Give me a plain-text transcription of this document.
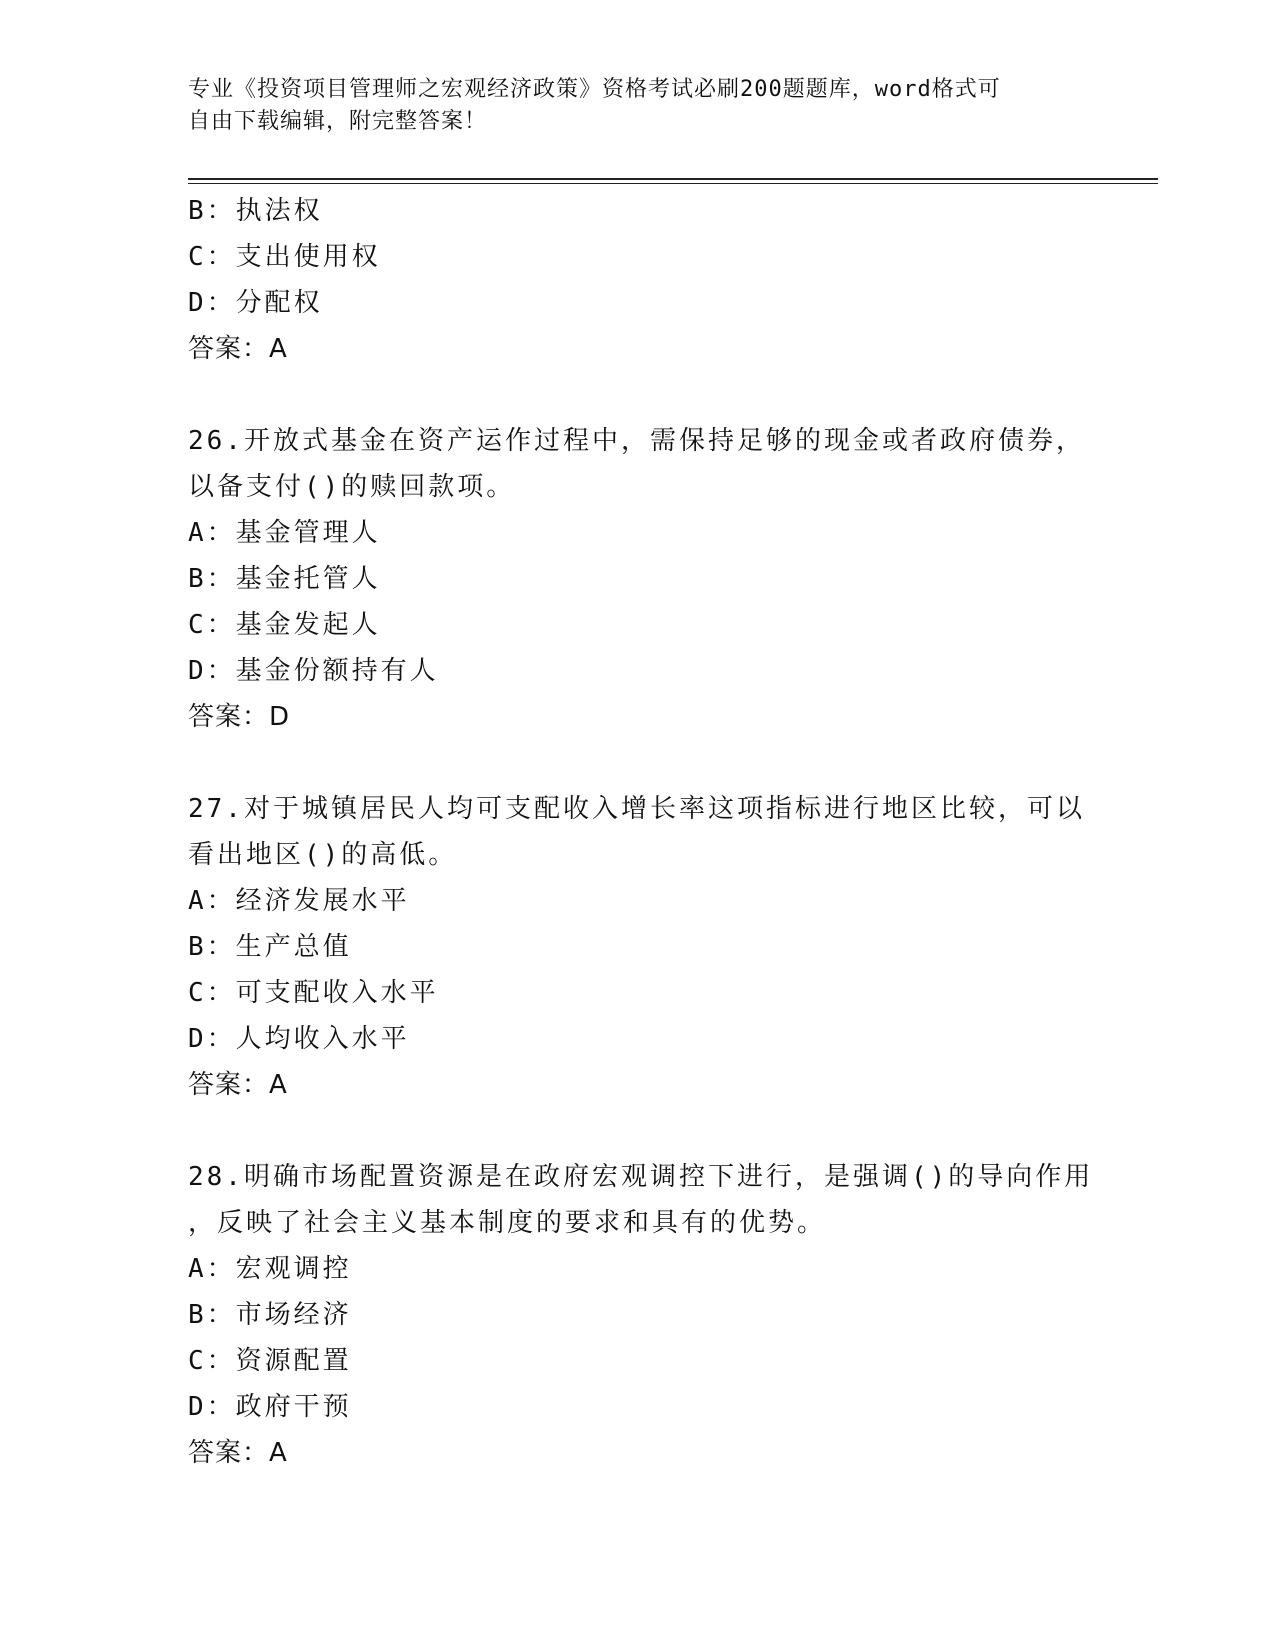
专业《投资项目管理师之宏观经济政策》资格考试必刷200题题库，word格式可
自由下载编辑，附完整答案！
B：执法权
C：支出使用权
D：分配权
答案：A
26.开放式基金在资产运作过程中，需保持足够的现金或者政府债券，
以备支付()的赎回款项。
A：基金管理人
B：基金托管人
C：基金发起人
D：基金份额持有人
答案：D
27.对于城镇居民人均可支配收入增长率这项指标进行地区比较，可以
看出地区()的高低。
A：经济发展水平
B：生产总值
C：可支配收入水平
D：人均收入水平
答案：A
28.明确市场配置资源是在政府宏观调控下进行，是强调()的导向作用
，反映了社会主义基本制度的要求和具有的优势。
A：宏观调控
B：市场经济
C：资源配置
D：政府干预
答案：A
